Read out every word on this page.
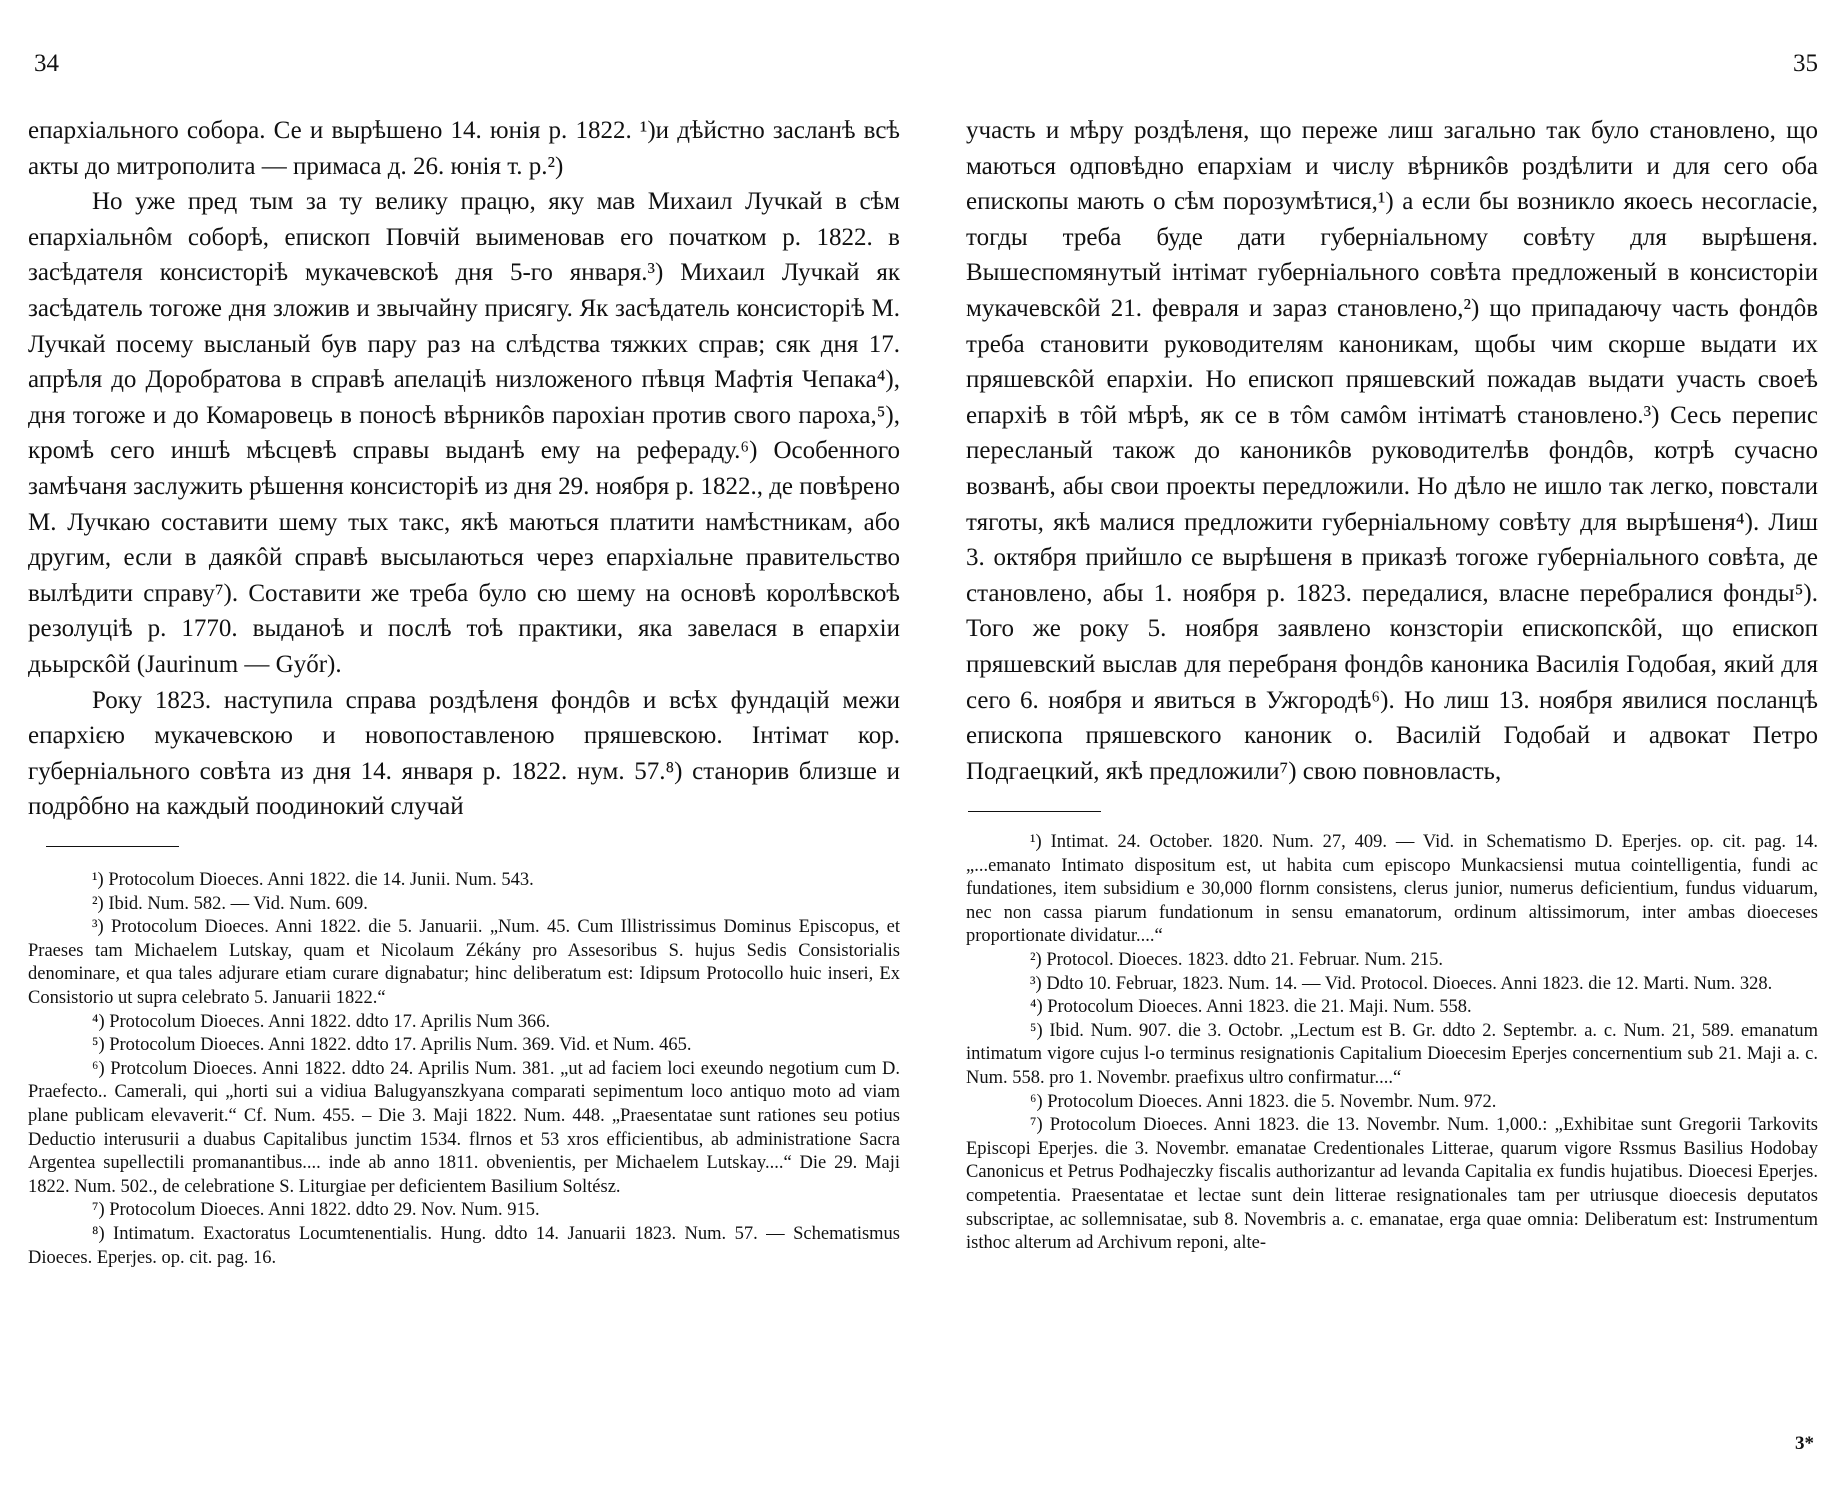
34

епархіального собора. Се и вырѣшено 14. юнія р. 1822. ¹)и дѣйстно засланѣ всѣ акты до митрополита — примаса д. 26. юнія т. р.²)

Но уже пред тым за ту велику працю, яку мав Михаил Лучкай в сѣм епархіальнôм соборѣ, епископ Повчій выименовав его початком р. 1822. в засѣдателя консисторіѣ мукачевскоѣ дня 5-го января.³) Михаил Лучкай як засѣдатель тогоже дня зложив и звычайну присягу. Як засѣдатель консисторіѣ М. Лучкай посему высланый був пару раз на слѣдства тяжких справ; сяк дня 17. апрѣля до Доробратова в справѣ апелаціѣ низложеного пѣвця Мафтія Чепака⁴), дня тогоже и до Комаровець в поносѣ вѣрникôв парохіан против свого пароха,⁵), кромѣ сего иншѣ мѣсцевѣ справы выданѣ ему на рефераду.⁶) Особенного замѣчаня заслужить рѣшення консисторіѣ из дня 29. ноября р. 1822., де повѣрено М. Лучкаю составити шему тых такс, якѣ маються платити намѣстникам, або другим, если в даякôй справѣ высылаються через епархіальне правительство вылѣдити справу⁷). Составити же треба було сю шему на основѣ королѣвскоѣ резолуціѣ р. 1770. выданоѣ и послѣ тоѣ практики, яка завелася в епархіи дьырскôй (Jaurinum — Győr).

Року 1823. наступила справа роздѣленя фондôв и всѣх фундацій межи епархією мукачевскою и новопоставленою пряшевскою. Інтімат кор. губерніального совѣта из дня 14. января р. 1822. нум. 57.⁸) станорив близше и подрôбно на каждый поодинокий случай

¹) Protocolum Dioeces. Anni 1822. die 14. Junii. Num. 543.

²) Ibid. Num. 582. — Vid. Num. 609.

³) Protocolum Dioeces. Anni 1822. die 5. Januarii. „Num. 45. Cum Illistrissimus Dominus Episcopus, et Praeses tam Michaelem Lutskay, quam et Nicolaum Zékány pro Assesoribus S. hujus Sedis Consistorialis denominare, et qua tales adjurare etiam curare dignabatur; hinc deliberatum est: Idipsum Protocollo huic inseri, Ex Consistorio ut supra celebrato 5. Januarii 1822.“

⁴) Protocolum Dioeces. Anni 1822. ddto 17. Aprilis Num 366.

⁵) Protocolum Dioeces. Anni 1822. ddto 17. Aprilis Num. 369. Vid. et Num. 465.

⁶) Protcolum Dioeces. Anni 1822. ddto 24. Aprilis Num. 381. „ut ad faciem loci exeundo negotium cum D. Praefecto.. Camerali, qui „horti sui a vidiua Balugyanszkyana comparati sepimentum loco antiquo moto ad viam plane publicam elevaverit.“ Cf. Num. 455. – Die 3. Maji 1822. Num. 448. „Praesentatae sunt rationes seu potius Deductio interusurii a duabus Capitalibus junctim 1534. flrnos et 53 xros efficientibus, ab administratione Sacra Argentea supellectili promanantibus.... inde ab anno 1811. obvenientis, per Michaelem Lutskay....“ Die 29. Maji 1822. Num. 502., de celebratione S. Liturgiae per deficientem Basilium Soltész.

⁷) Protocolum Dioeces. Anni 1822. ddto 29. Nov. Num. 915.

⁸) Intimatum. Exactoratus Locumtenentialis. Hung. ddto 14. Januarii 1823. Num. 57. — Schematismus Dioeces. Eperjes. op. cit. pag. 16.

35

участь и мѣру роздѣленя, що переже лиш загально так було становлено, що маються одповѣдно епархіам и числу вѣрникôв роздѣлити и для сего оба епископы мають о сѣм порозумѣтися,¹) а если бы возникло якоесь несогласіе, тогды треба буде дати губерніальному совѣту для вырѣшеня. Вышеспомянутый інтімат губерніального совѣта предложеный в консисторіи мукачевскôй 21. февраля и зараз становлено,²) що припадаючу часть фондôв треба становити руководителям каноникам, щобы чим скорше выдати их пряшевскôй епархіи. Но епископ пряшевский пожадав выдати участь своеѣ епархіѣ в тôй мѣрѣ, як се в тôм самôм інтіматѣ становлено.³) Сесь перепис пересланый також до каноникôв руководителѣв фондôв, котрѣ сучасно возванѣ, абы свои проекты передложили. Но дѣло не ишло так легко, повстали тяготы, якѣ малися предложити губерніальному совѣту для вырѣшеня⁴). Лиш 3. октября прийшло се вырѣшеня в приказѣ тогоже губерніального совѣта, де становлено, абы 1. ноября р. 1823. передалися, власне перебралися фонды⁵). Того же року 5. ноября заявлено конзсторіи епископскôй, що епископ пряшевский выслав для перебраня фондôв каноника Василія Годобая, який для сего 6. ноября и явиться в Ужгородѣ⁶). Но лиш 13. ноября явилися посланцѣ епископа пряшевского каноник о. Василій Годобай и адвокат Петро Подгаецкий, якѣ предложили⁷) свою повновласть,

¹) Intimat. 24. October. 1820. Num. 27, 409. — Vid. in Schematismo D. Eperjes. op. cit. pag. 14. „...emanato Intimato dispositum est, ut habita cum episcopo Munkacsiensi mutua cointelligentia, fundi ac fundationes, item subsidium e 30,000 flornm consistens, clerus junior, numerus deficientium, fundus viduarum, nec non cassa piarum fundationum in sensu emanatorum, ordinum altissimorum, inter ambas dioeceses proportionate dividatur....“

²) Protocol. Dioeces. 1823. ddto 21. Februar. Num. 215.

³) Ddto 10. Februar, 1823. Num. 14. — Vid. Protocol. Dioeces. Anni 1823. die 12. Marti. Num. 328.

⁴) Protocolum Dioeces. Anni 1823. die 21. Maji. Num. 558.

⁵) Ibid. Num. 907. die 3. Octobr. „Lectum est B. Gr. ddto 2. Septembr. a. c. Num. 21, 589. emanatum intimatum vigore cujus l-o terminus resignationis Capitalium Dioecesim Eperjes concernentium sub 21. Maji a. c. Num. 558. pro 1. Novembr. praefixus ultro confirmatur....“

⁶) Protocolum Dioeces. Anni 1823. die 5. Novembr. Num. 972.

⁷) Protocolum Dioeces. Anni 1823. die 13. Novembr. Num. 1,000.: „Exhibitae sunt Gregorii Tarkovits Episcopi Eperjes. die 3. Novembr. emanatae Credentionales Litterae, quarum vigore Rssmus Basilius Hodobay Canonicus et Petrus Podhajeczky fiscalis authorizantur ad levanda Capitalia ex fundis hujatibus. Dioecesi Eperjes. competentia. Praesentatae et lectae sunt dein litterae resignationales tam per utriusque dioecesis deputatos subscriptae, ac sollemnisatae, sub 8. Novembris a. c. emanatae, erga quae omnia: Deliberatum est: Instrumentum isthoc alterum ad Archivum reponi, alte-

3*
